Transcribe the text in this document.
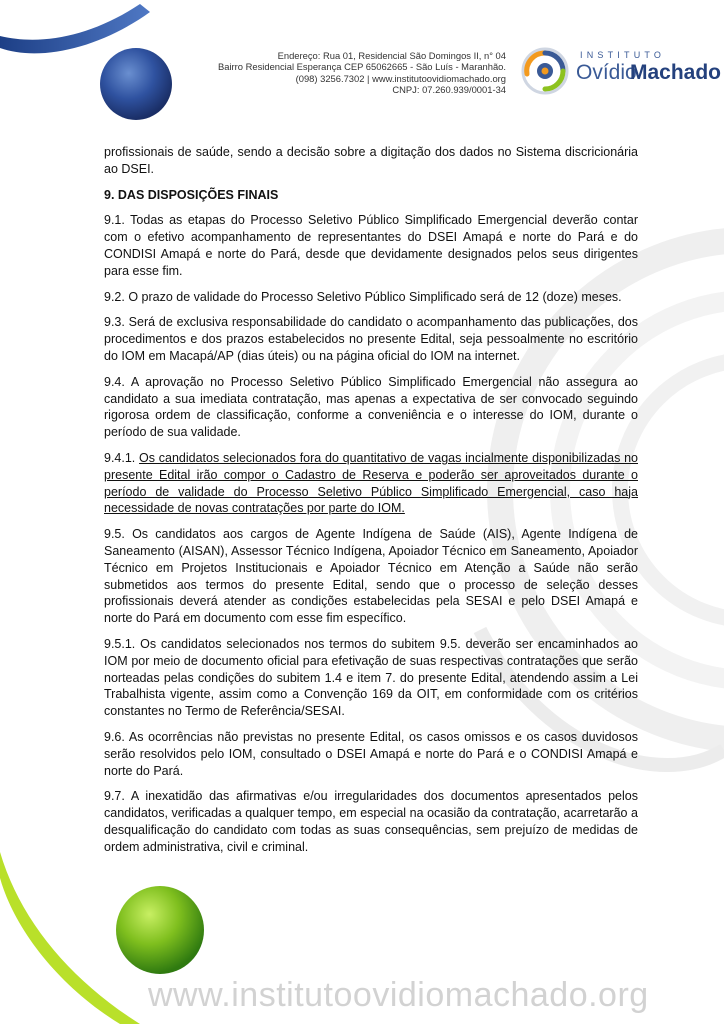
Endereço: Rua 01, Residencial São Domingos II, n° 04
Bairro Residencial Esperança CEP 65062665 - São Luís - Maranhão.
(098) 3256.7302 | www.institutoovidiomachado.org
CNPJ: 07.260.939/0001-34
INSTITUTO
Ovídio
Machado

profissionais de saúde, sendo a decisão sobre a digitação dos dados no Sistema discricionária ao DSEI.

9. DAS DISPOSIÇÕES FINAIS

9.1. Todas as etapas do Processo Seletivo Público Simplificado Emergencial deverão contar com o efetivo acompanhamento de representantes do DSEI Amapá e norte do Pará e do CONDISI Amapá e norte do Pará, desde que devidamente designados pelos seus dirigentes para esse fim.

9.2. O prazo de validade do Processo Seletivo Público Simplificado será de 12 (doze) meses.

9.3. Será de exclusiva responsabilidade do candidato o acompanhamento das publicações, dos procedimentos e dos prazos estabelecidos no presente Edital, seja pessoalmente no escritório do IOM em Macapá/AP (dias úteis) ou na página oficial do IOM na internet.

9.4. A aprovação no Processo Seletivo Público Simplificado Emergencial não assegura ao candidato a sua imediata contratação, mas apenas a expectativa de ser convocado seguindo rigorosa ordem de classificação, conforme a conveniência e o interesse do IOM, durante o período de sua validade.

9.4.1. Os candidatos selecionados fora do quantitativo de vagas incialmente disponibilizadas no presente Edital irão compor o Cadastro de Reserva e poderão ser aproveitados durante o período de validade do Processo Seletivo Público Simplificado Emergencial, caso haja necessidade de novas contratações por parte do IOM.

9.5. Os candidatos aos cargos de Agente Indígena de Saúde (AIS), Agente Indígena de Saneamento (AISAN), Assessor Técnico Indígena, Apoiador Técnico em Saneamento, Apoiador Técnico em Projetos Institucionais e Apoiador Técnico em Atenção a Saúde não serão submetidos aos termos do presente Edital, sendo que o processo de seleção desses profissionais deverá atender as condições estabelecidas pela SESAI e pelo DSEI Amapá e norte do Pará em documento com esse fim específico.

9.5.1. Os candidatos selecionados nos termos do subitem 9.5. deverão ser encaminhados ao IOM por meio de documento oficial para efetivação de suas respectivas contratações que serão norteadas pelas condições do subitem 1.4 e item 7. do presente Edital, atendendo assim a Lei Trabalhista vigente, assim como a Convenção 169 da OIT, em conformidade com os critérios constantes no Termo de Referência/SESAI.

9.6. As ocorrências não previstas no presente Edital, os casos omissos e os casos duvidosos serão resolvidos pelo IOM, consultado o DSEI Amapá e norte do Pará e o CONDISI Amapá e norte do Pará.

9.7. A inexatidão das afirmativas e/ou irregularidades dos documentos apresentados pelos candidatos, verificadas a qualquer tempo, em especial na ocasião da contratação, acarretarão a desqualificação do candidato com todas as suas consequências, sem prejuízo de medidas de ordem administrativa, civil e criminal.

www.institutoovidiomachado.org
